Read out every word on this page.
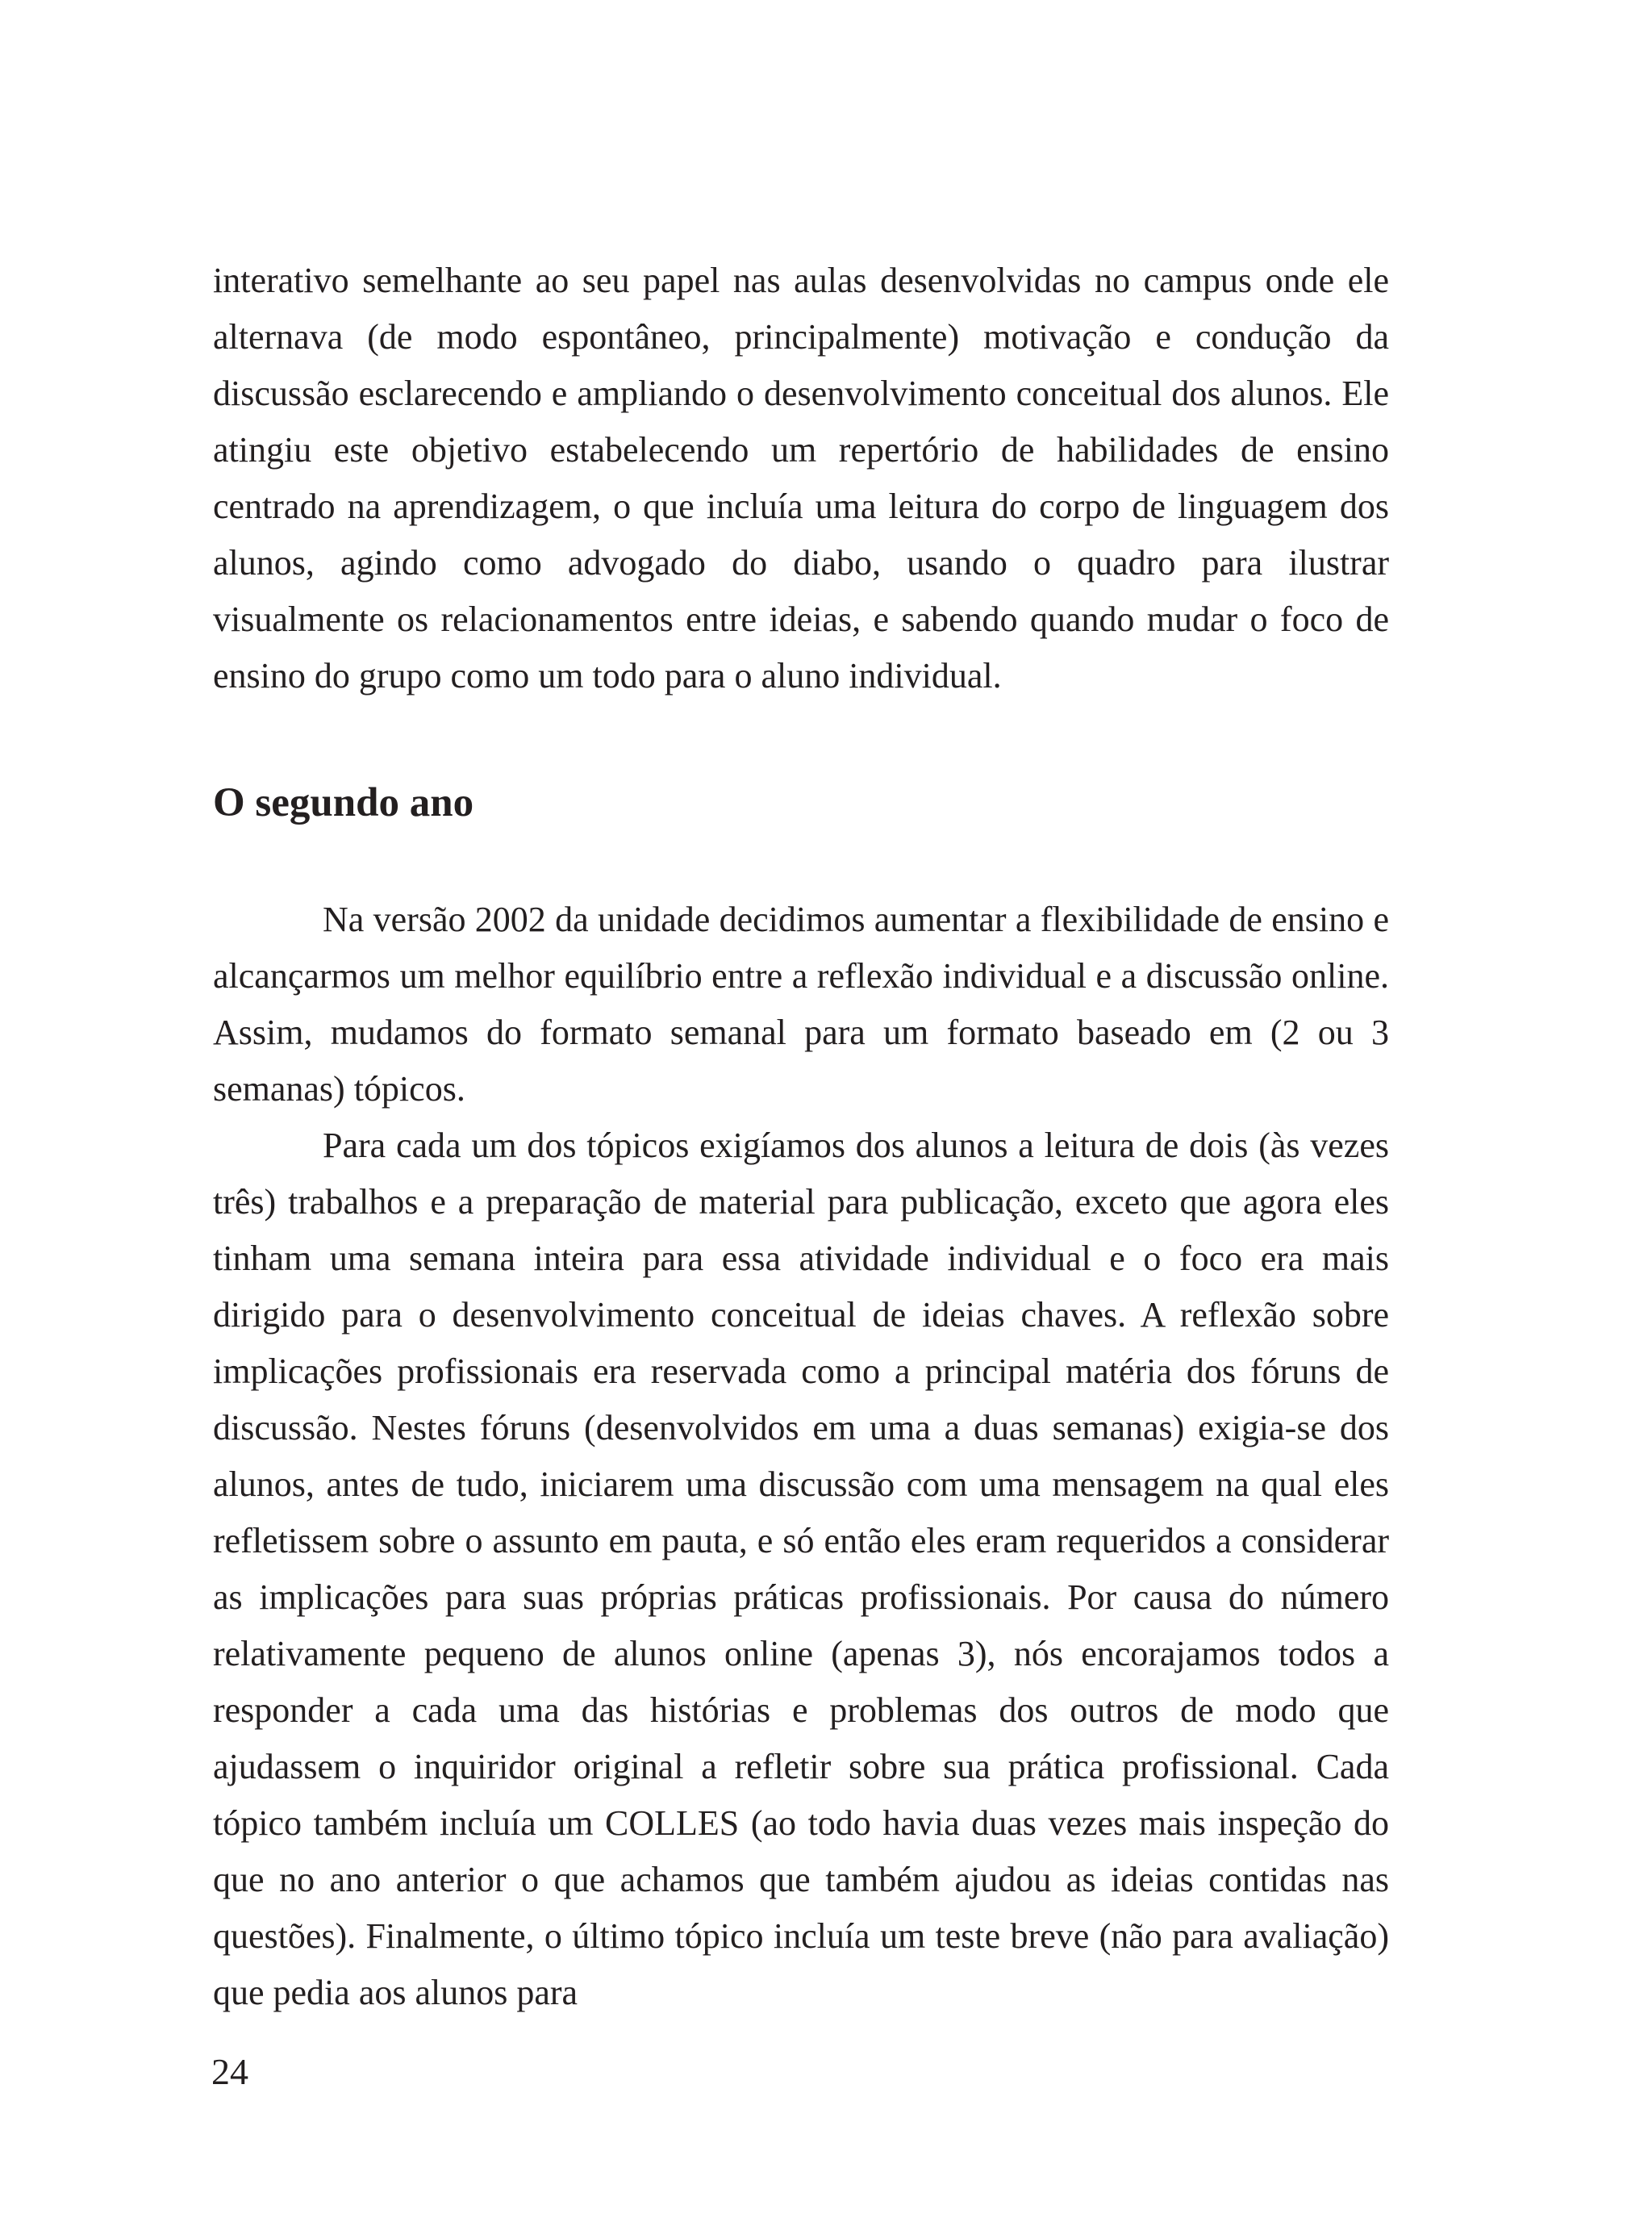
interativo semelhante ao seu papel nas aulas desenvolvidas no campus onde ele alternava (de modo espontâneo, principalmente) motivação e condução da discussão esclarecendo e ampliando o desenvolvimento conceitual dos alunos. Ele atingiu este objetivo estabelecendo um repertório de habilidades de ensino centrado na aprendizagem, o que incluía uma leitura do corpo de linguagem dos alunos, agindo como advogado do diabo, usando o quadro para ilustrar visualmente os relacionamentos entre ideias, e sabendo quando mudar o foco de ensino do grupo como um todo para o aluno individual.

O segundo ano

Na versão 2002 da unidade decidimos aumentar a flexibilidade de ensino e alcançarmos um melhor equilíbrio entre a reflexão individual e a discussão online. Assim, mudamos do formato semanal para um formato baseado em (2 ou 3 semanas) tópicos.

Para cada um dos tópicos exigíamos dos alunos a leitura de dois (às vezes três) trabalhos e a preparação de material para publicação, exceto que agora eles tinham uma semana inteira para essa atividade individual e o foco era mais dirigido para o desenvolvimento conceitual de ideias chaves. A reflexão sobre implicações profissionais era reservada como a principal matéria dos fóruns de discussão. Nestes fóruns (desenvolvidos em uma a duas semanas) exigia-se dos alunos, antes de tudo, iniciarem uma discussão com uma mensagem na qual eles refletissem sobre o assunto em pauta, e só então eles eram requeridos a considerar as implicações para suas próprias práticas profissionais. Por causa do número relativamente pequeno de alunos online (apenas 3), nós encorajamos todos a responder a cada uma das histórias e problemas dos outros de modo que ajudassem o inquiridor original a refletir sobre sua prática profissional. Cada tópico também incluía um COLLES (ao todo havia duas vezes mais inspeção do que no ano anterior o que achamos que também ajudou as ideias contidas nas questões). Finalmente, o último tópico incluía um teste breve (não para avaliação) que pedia aos alunos para

24
